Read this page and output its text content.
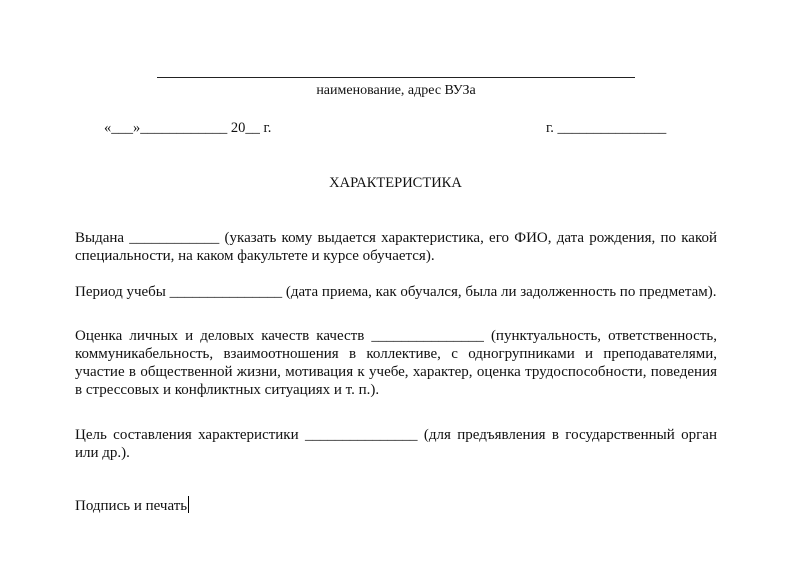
наименование, адрес ВУЗа
«___»____________ 20__ г.	г. _______________
ХАРАКТЕРИСТИКА
Выдана ____________ (указать кому выдается характеристика, его ФИО, дата рождения, по какой специальности, на каком факультете и курсе обучается).
Период учебы _______________ (дата приема, как обучался, была ли задолженность по предметам).
Оценка личных и деловых качеств качеств _______________ (пунктуальность, ответственность, коммуникабельность, взаимоотношения в коллективе, с одногрупниками и преподавателями, участие в общественной жизни, мотивация к учебе, характер, оценка трудоспособности, поведения в стрессовых и конфликтных ситуациях и т. п.).
Цель составления характеристики _______________ (для предъявления в государственный орган или др.).
Подпись и печать
